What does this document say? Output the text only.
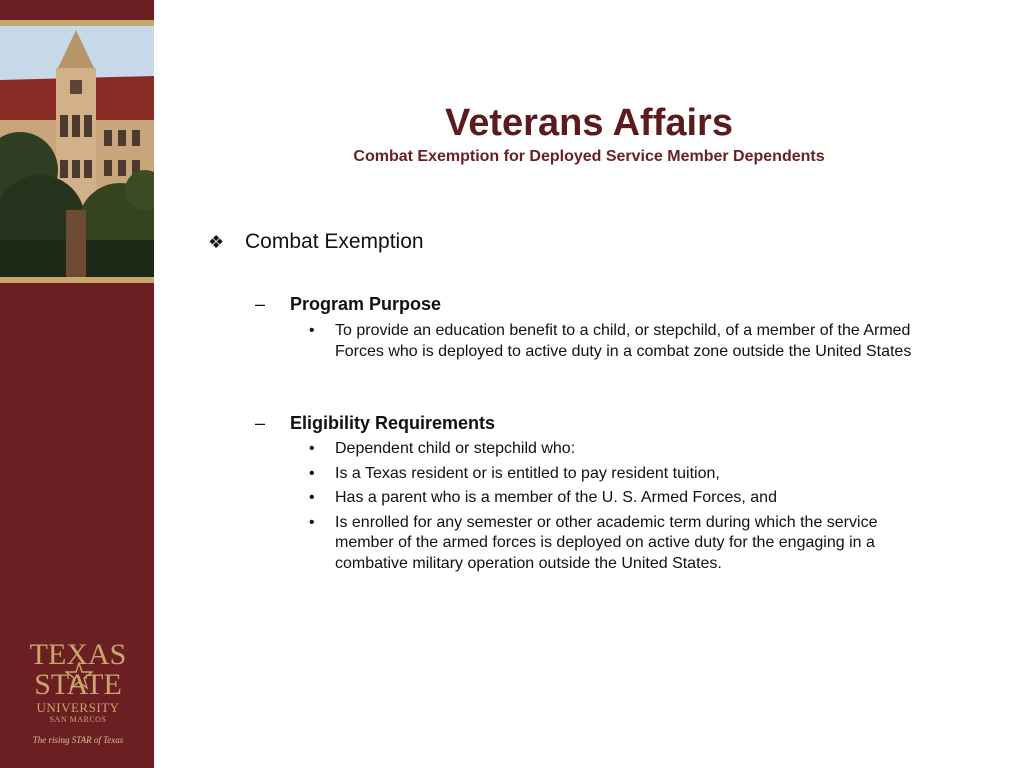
TEXAS
STATE
UNIVERSITY
SAN MARCOS
The rising STAR of Texas
Veterans Affairs
Combat Exemption for Deployed Service Member Dependents
❖ Combat Exemption
– Program Purpose
• To provide an education benefit to a child, or stepchild, of a member of the Armed Forces who is deployed to active duty in a combat zone outside the United States
– Eligibility Requirements
• Dependent child or stepchild who:
• Is a Texas resident or is entitled to pay resident tuition,
• Has a parent who is a member of the U. S. Armed Forces, and
• Is enrolled for any semester or other academic term during which the service member of the armed forces is deployed on active duty for the engaging in a combative military operation outside the United States.
